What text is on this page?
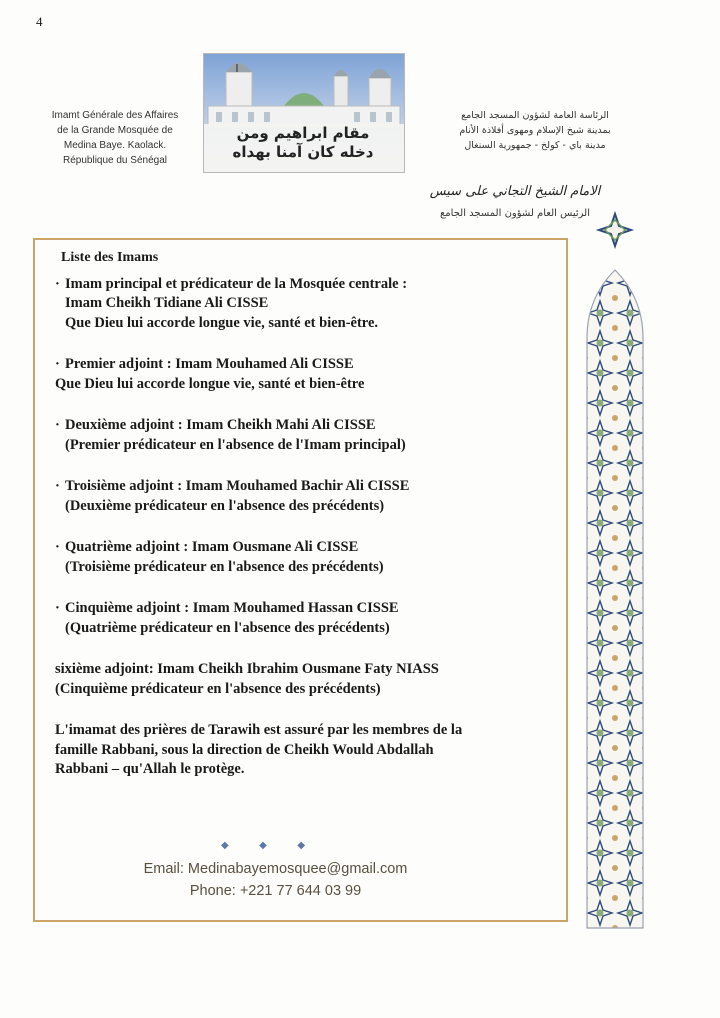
4
Imamt Générale des Affaires
de la Grande Mosquée de
Medina Baye. Kaolack.
République du Sénégal
مقام ابراهيم ومن
دخله كان آمنا بهداه
الرئاسة العامة لشؤون المسجد الجامع
بمدينة شيخ الإسلام ومهوى أفلاذة الأنام
مدينة باي - كولخ - جمهورية السنغال
الامام الشيخ التجاني على سيس
الرئيس العام لشؤون المسجد الجامع

Liste des Imams

· Imam principal et prédicateur de la Mosquée centrale :

Imam Cheikh Tidiane Ali CISSE

Que Dieu lui accorde longue vie, santé et bien-être.

· Premier adjoint : Imam Mouhamed Ali CISSE

Que Dieu lui accorde longue vie, santé et bien-être

· Deuxième adjoint : Imam Cheikh Mahi Ali CISSE

(Premier prédicateur en l'absence de l'Imam principal)

· Troisième adjoint : Imam Mouhamed Bachir Ali CISSE

(Deuxième prédicateur en l'absence des précédents)

· Quatrième adjoint : Imam Ousmane Ali CISSE

(Troisième prédicateur en l'absence des précédents)

· Cinquième adjoint : Imam Mouhamed Hassan CISSE

(Quatrième prédicateur en l'absence des précédents)

sixième adjoint: Imam Cheikh Ibrahim Ousmane Faty NIASS

(Cinquième prédicateur en l'absence des précédents)

L'imamat des prières de Tarawih est assuré par les membres de la

famille Rabbani, sous la direction de Cheikh Would Abdallah

Rabbani – qu'Allah le protège.

◆ ◆ ◆
Email: Medinabayemosquee@gmail.com
Phone: +221 77 644 03 99
